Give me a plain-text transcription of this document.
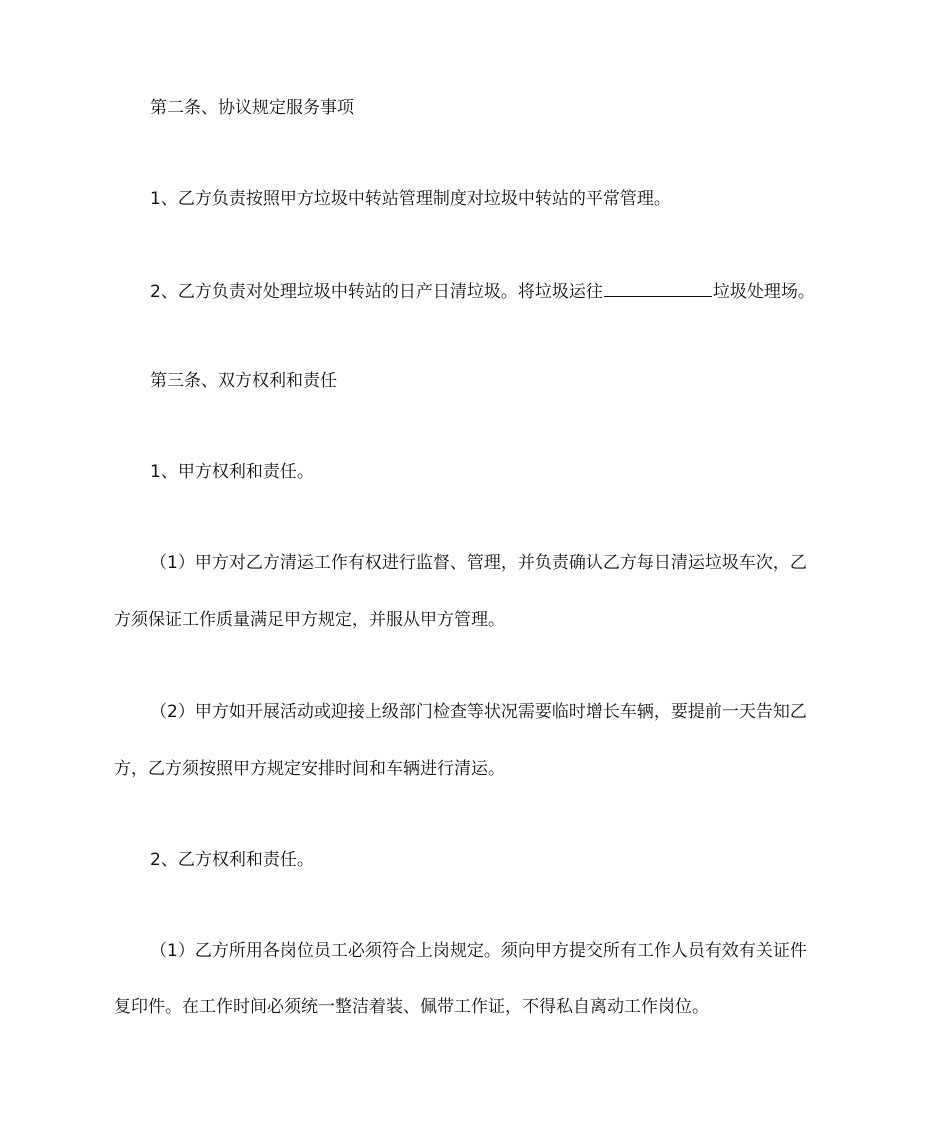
第二条、协议规定服务事项
1、乙方负责按照甲方垃圾中转站管理制度对垃圾中转站的平常管理。
2、乙方负责对处理垃圾中转站的日产日清垃圾。将垃圾运往	垃圾处理场。
第三条、双方权利和责任
1、甲方权利和责任。
（1）甲方对乙方清运工作有权进行监督、管理，并负责确认乙方每日清运垃圾车次，乙
方须保证工作质量满足甲方规定，并服从甲方管理。
（2）甲方如开展活动或迎接上级部门检查等状况需要临时增长车辆，要提前一天告知乙
方，乙方须按照甲方规定安排时间和车辆进行清运。
2、乙方权利和责任。
（1）乙方所用各岗位员工必须符合上岗规定。须向甲方提交所有工作人员有效有关证件
复印件。在工作时间必须统一整洁着装、佩带工作证，不得私自离动工作岗位。
